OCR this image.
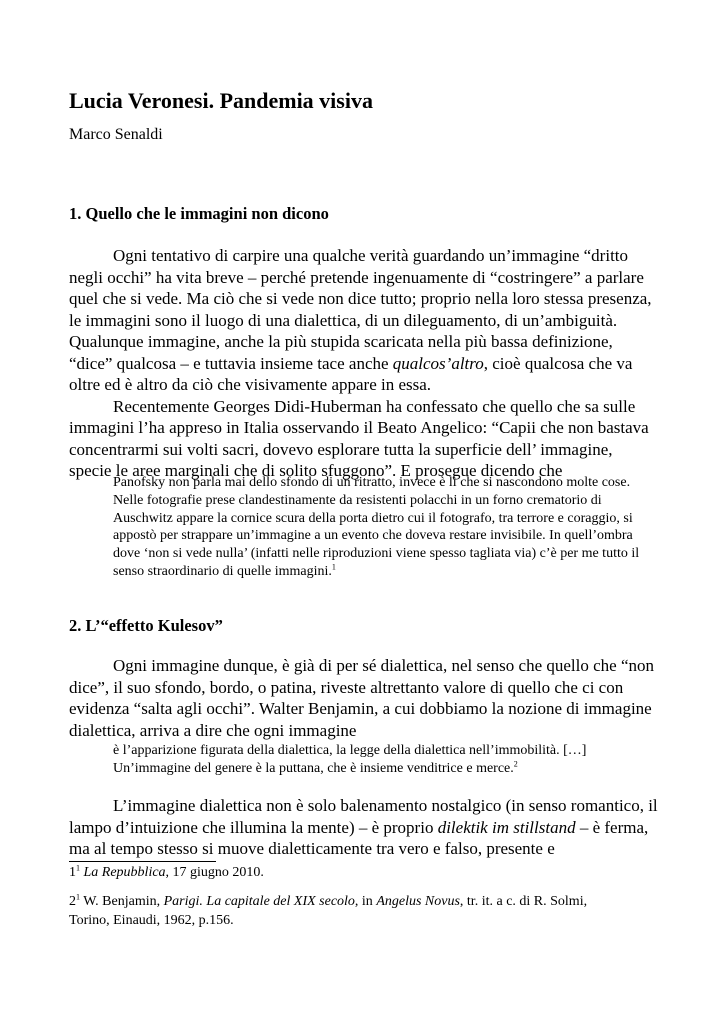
Lucia Veronesi. Pandemia visiva

Marco Senaldi

1. Quello che le immagini non dicono

Ogni tentativo di carpire una qualche verità guardando un’immagine “dritto negli occhi” ha vita breve – perché pretende ingenuamente di “costringere” a parlare quel che si vede. Ma ciò che si vede non dice tutto; proprio nella loro stessa presenza, le immagini sono il luogo di una dialettica, di un dileguamento, di un’ambiguità. Qualunque immagine, anche la più stupida scaricata nella più bassa definizione, “dice” qualcosa – e tuttavia insieme tace anche qualcos’altro, cioè qualcosa che va oltre ed è altro da ciò che visivamente appare in essa.

Recentemente Georges Didi-Huberman ha confessato che quello che sa sulle immagini l’ha appreso in Italia osservando il Beato Angelico: “Capii che non bastava concentrarmi sui volti sacri, dovevo esplorare tutta la superficie dell’ immagine, specie le aree marginali che di solito sfuggono”. E prosegue dicendo che

Panofsky non parla mai dello sfondo di un ritratto, invece è lì che si nascondono molte cose. Nelle fotografie prese clandestinamente da resistenti polacchi in un forno crematorio di Auschwitz appare la cornice scura della porta dietro cui il fotografo, tra terrore e coraggio, si appostò per strappare un’immagine a un evento che doveva restare invisibile. In quell’ombra dove ‘non si vede nulla’ (infatti nelle riproduzioni viene spesso tagliata via) c’è per me tutto il senso straordinario di quelle immagini.$^1$
2. L’“effetto Kulesov”

Ogni immagine dunque, è già di per sé dialettica, nel senso che quello che “non dice”, il suo sfondo, bordo, o patina, riveste altrettanto valore di quello che ci con evidenza “salta agli occhi”. Walter Benjamin, a cui dobbiamo la nozione di immagine dialettica, arriva a dire che ogni immagine

è l’apparizione figurata della dialettica, la legge della dialettica nell’immobilità. […] Un’immagine del genere è la puttana, che è insieme venditrice e merce.$^2$

L’immagine dialettica non è solo balenamento nostalgico (in senso romantico, il lampo d’intuizione che illumina la mente) – è proprio dilektik im stillstand – è ferma, ma al tempo stesso si muove dialetticamente tra vero e falso, presente e

$1^1$ La Repubblica, 17 giugno 2010.

$2^1$ W. Benjamin, Parigi. La capitale del XIX secolo, in Angelus Novus, tr. it. a c. di R. Solmi, Torino, Einaudi, 1962, p.156.
